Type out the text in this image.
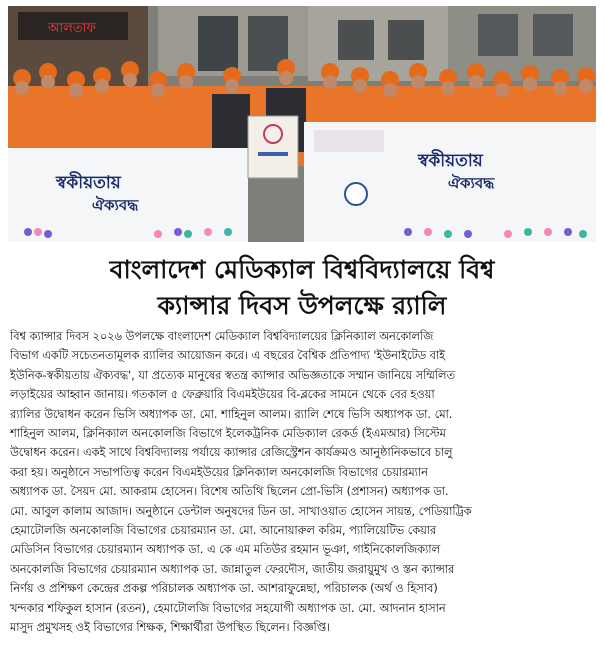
আলতাফ
স্বকীয়তায়
ঐক্যবদ্ধ
স্বকীয়তায়
ঐক্যবদ্ধ
বাংলাদেশ মেডিক্যাল বিশ্ববিদ্যালয়ে বিশ্ব
ক্যান্সার দিবস উপলক্ষে র‌্যালি
বিশ্ব ক্যান্সার দিবস ২০২৬ উপলক্ষে বাংলাদেশ মেডিক্যাল বিশ্ববিদ্যালয়ের ক্লিনিক্যাল অনকোলজি
বিভাগ একটি সচেতনতামূলক র‌্যালির আয়োজন করে। এ বছরের বৈশ্বিক প্রতিপাদ্য 'ইউনাইটেড বাই
ইউনিক-স্বকীয়তায় ঐক্যবদ্ধ', যা প্রত্যেক মানুষের স্বতন্ত্র ক্যান্সার অভিজ্ঞতাকে সম্মান জানিয়ে সম্মিলিত
লড়াইয়ের আহ্বান জানায়। গতকাল ৫ ফেব্রুয়ারি বিএমইউয়ের বি-ব্লকের সামনে থেকে বের হওয়া
র‌্যালির উদ্বোধন করেন ভিসি অধ্যাপক ডা. মো. শাহিনুল আলম। র‌্যালি শেষে ভিসি অধ্যাপক ডা. মো.
শাহিনুল আলম, ক্লিনিক্যাল অনকোলজি বিভাগে ইলেকট্রনিক মেডিক্যাল রেকর্ড (ইএমআর) সিস্টেম
উদ্বোধন করেন। একই সাথে বিশ্ববিদ্যালয় পর্যায়ে ক্যান্সার রেজিস্ট্রেশন কার্যক্রমও আনুষ্ঠানিকভাবে চালু
করা হয়। অনুষ্ঠানে সভাপতিত্ব করেন বিএমইউয়ের ক্লিনিক্যাল অনকোলজি বিভাগের চেয়ারম্যান
অধ্যাপক ডা. সৈয়দ মো. আকরাম হোসেন। বিশেষ অতিথি ছিলেন প্রো-ভিসি (প্রশাসন) অধ্যাপক ডা.
মো. আবুল কালাম আজাদ। অনুষ্ঠানে ডেন্টাল অনুষদের ডিন ডা. সাখাওয়াত হোসেন সায়ন্ত, পেডিয়াট্রিক
হেমাটোলজি অনকোলজি বিভাগের চেয়ারম্যান ডা. মো. আনোয়ারুল করিম, প্যালিয়েটিভ কেয়ার
মেডিসিন বিভাগের চেয়ারম্যান অধ্যাপক ডা. এ কে এম মতিউর রহমান ভূঞা, গাইনিকোলজিক্যাল
অনকোলজি বিভাগের চেয়ারম্যান অধ্যাপক ডা. জান্নাতুল ফেরদৌস, জাতীয় জরায়ুমুখ ও স্তন ক্যান্সার
নির্ণয় ও প্রশিক্ষণ কেন্দ্রের প্রকল্প পরিচালক অধ্যাপক ডা. আশরাফুন্নেছা, পরিচালক (অর্থ ও হিসাব)
খন্দকার শফিকুল হাসান (রতন), হেমাটোলজি বিভাগের সহযোগী অধ্যাপক ডা. মো. আদনান হাসান
মাসুদ প্রমুখসহ ওই বিভাগের শিক্ষক, শিক্ষার্থীরা উপস্থিত ছিলেন। বিজ্ঞপ্তি।
